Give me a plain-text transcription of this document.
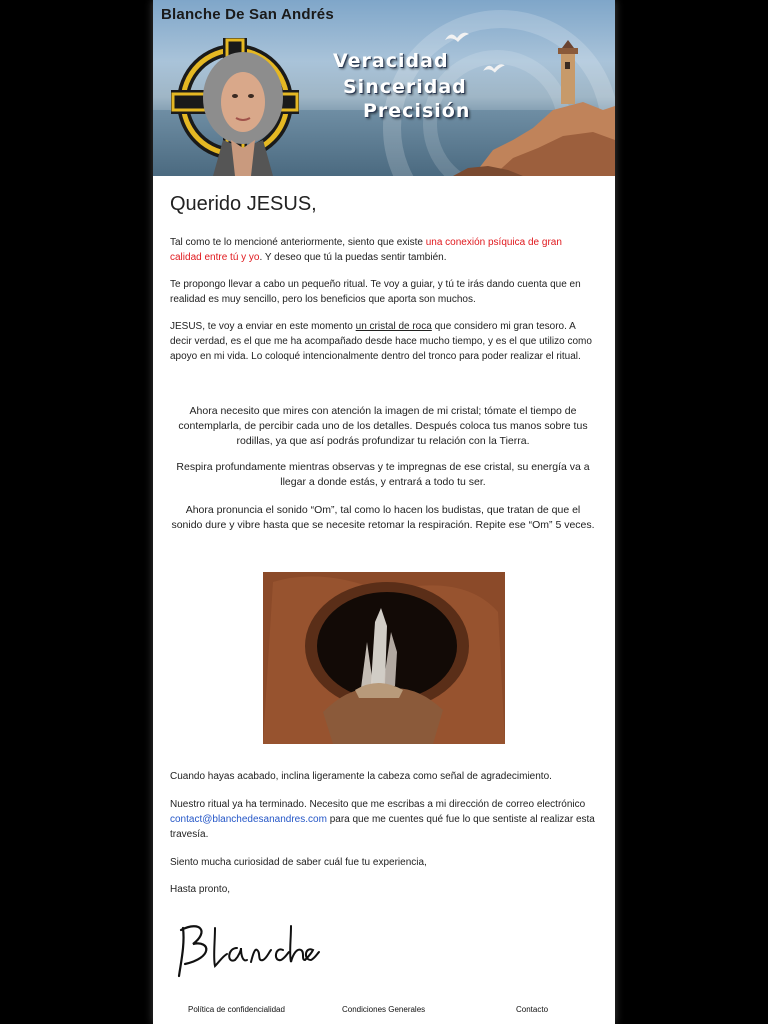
Blanche De San Andrés
Veracidad
Sinceridad
Precisión
Querido JESUS,

Tal como te lo mencioné anteriormente, siento que existe una conexión psíquica de gran calidad entre tú y yo. Y deseo que tú la puedas sentir también.

Te propongo llevar a cabo un pequeño ritual. Te voy a guiar, y tú te irás dando cuenta que en realidad es muy sencillo, pero los beneficios que aporta son muchos.

JESUS, te voy a enviar en este momento un cristal de roca que considero mi gran tesoro. A decir verdad, es el que me ha acompañado desde hace mucho tiempo, y es el que utilizo como apoyo en mi vida. Lo coloqué intencionalmente dentro del tronco para poder realizar el ritual.

Ahora necesito que mires con atención la imagen de mi cristal; tómate el tiempo de contemplarla, de percibir cada uno de los detalles. Después coloca tus manos sobre tus rodillas, ya que así podrás profundizar tu relación con la Tierra.

Respira profundamente mientras observas y te impregnas de ese cristal, su energía va a llegar a donde estás, y entrará a todo tu ser.

Ahora pronuncia el sonido “Om”, tal como lo hacen los budistas, que tratan de que el sonido dure y vibre hasta que se necesite retomar la respiración. Repite ese “Om” 5 veces.

Cuando hayas acabado, inclina ligeramente la cabeza como señal de agradecimiento.

Nuestro ritual ya ha terminado. Necesito que me escribas a mi dirección de correo electrónico contact@blanchedesanandres.com para que me cuentes qué fue lo que sentiste al realizar esta travesía.

Siento mucha curiosidad de saber cuál fue tu experiencia,

Hasta pronto,

Política de confidencialidad	Condiciones Generales	Contacto
